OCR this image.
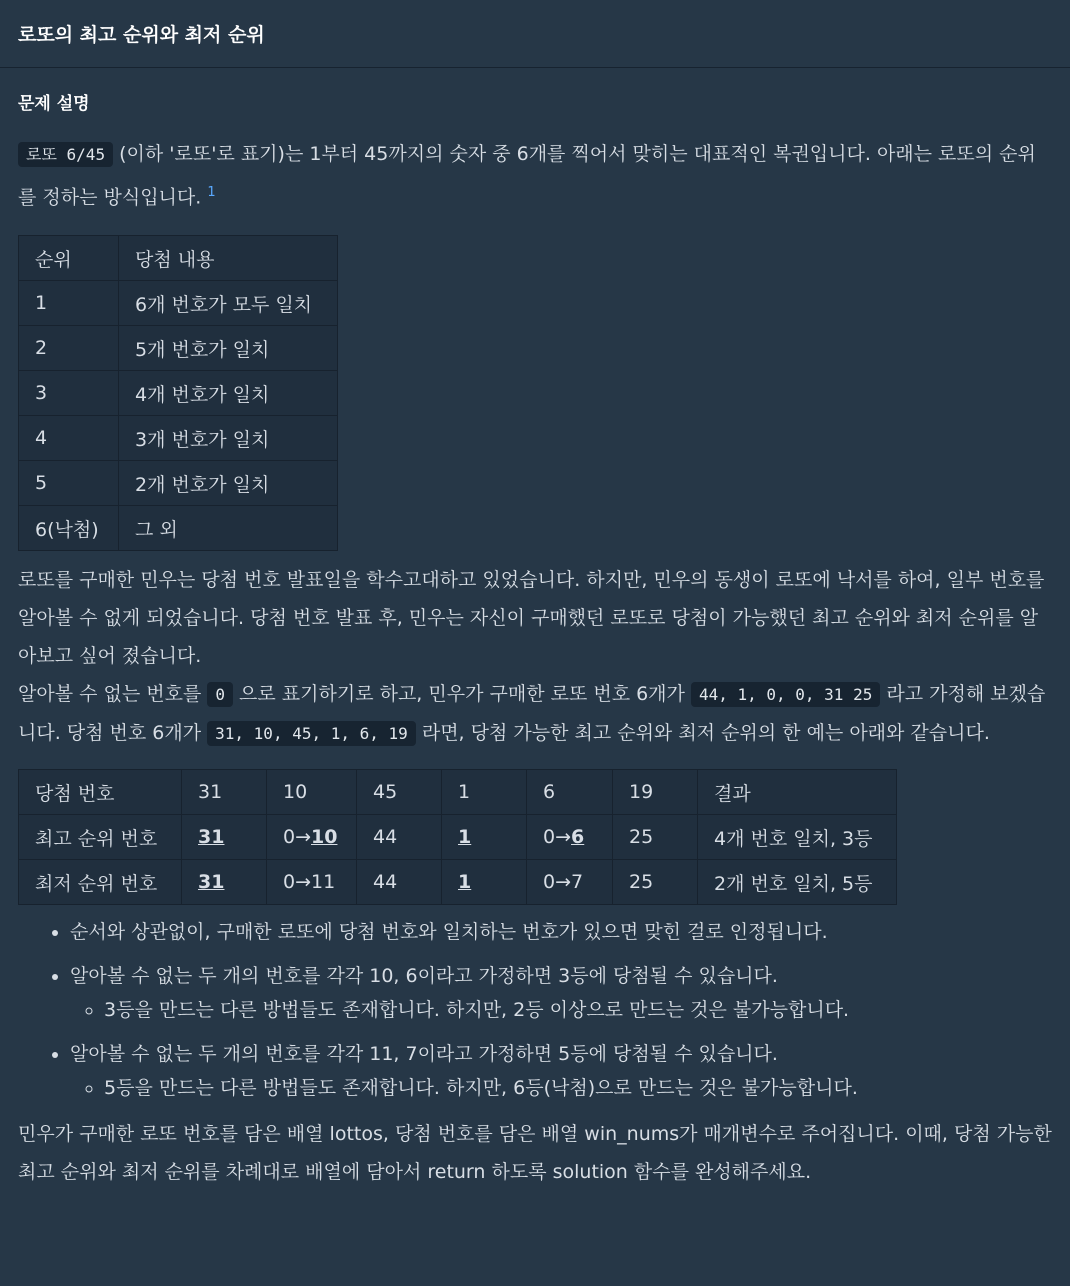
로또의 최고 순위와 최저 순위
문제 설명

로또 6/45 (이하 '로또'로 표기)는 1부터 45까지의 숫자 중 6개를 찍어서 맞히는 대표적인 복권입니다. 아래는 로또의 순위를 정하는 방식입니다. $^1$

순위	당첨 내용
1	6개 번호가 모두 일치
2	5개 번호가 일치
3	4개 번호가 일치
4	3개 번호가 일치
5	2개 번호가 일치
6(낙첨)	그 외

로또를 구매한 민우는 당첨 번호 발표일을 학수고대하고 있었습니다. 하지만, 민우의 동생이 로또에 낙서를 하여, 일부 번호를 알아볼 수 없게 되었습니다. 당첨 번호 발표 후, 민우는 자신이 구매했던 로또로 당첨이 가능했던 최고 순위와 최저 순위를 알아보고 싶어 졌습니다.

알아볼 수 없는 번호를 0 으로 표기하기로 하고, 민우가 구매한 로또 번호 6개가 44, 1, 0, 0, 31 25 라고 가정해 보겠습니다. 당첨 번호 6개가 31, 10, 45, 1, 6, 19 라면, 당첨 가능한 최고 순위와 최저 순위의 한 예는 아래와 같습니다.

당첨 번호	31	10	45	1	6	19	결과
최고 순위 번호	31	0→10	44	1	0→6	25	4개 번호 일치, 3등
최저 순위 번호	31	0→11	44	1	0→7	25	2개 번호 일치, 5등
• 순서와 상관없이, 구매한 로또에 당첨 번호와 일치하는 번호가 있으면 맞힌 걸로 인정됩니다.
• 알아볼 수 없는 두 개의 번호를 각각 10, 6이라고 가정하면 3등에 당첨될 수 있습니다.
◦ 3등을 만드는 다른 방법들도 존재합니다. 하지만, 2등 이상으로 만드는 것은 불가능합니다.
• 알아볼 수 없는 두 개의 번호를 각각 11, 7이라고 가정하면 5등에 당첨될 수 있습니다.
◦ 5등을 만드는 다른 방법들도 존재합니다. 하지만, 6등(낙첨)으로 만드는 것은 불가능합니다.

민우가 구매한 로또 번호를 담은 배열 lottos, 당첨 번호를 담은 배열 win_nums가 매개변수로 주어집니다. 이때, 당첨 가능한 최고 순위와 최저 순위를 차례대로 배열에 담아서 return 하도록 solution 함수를 완성해주세요.
